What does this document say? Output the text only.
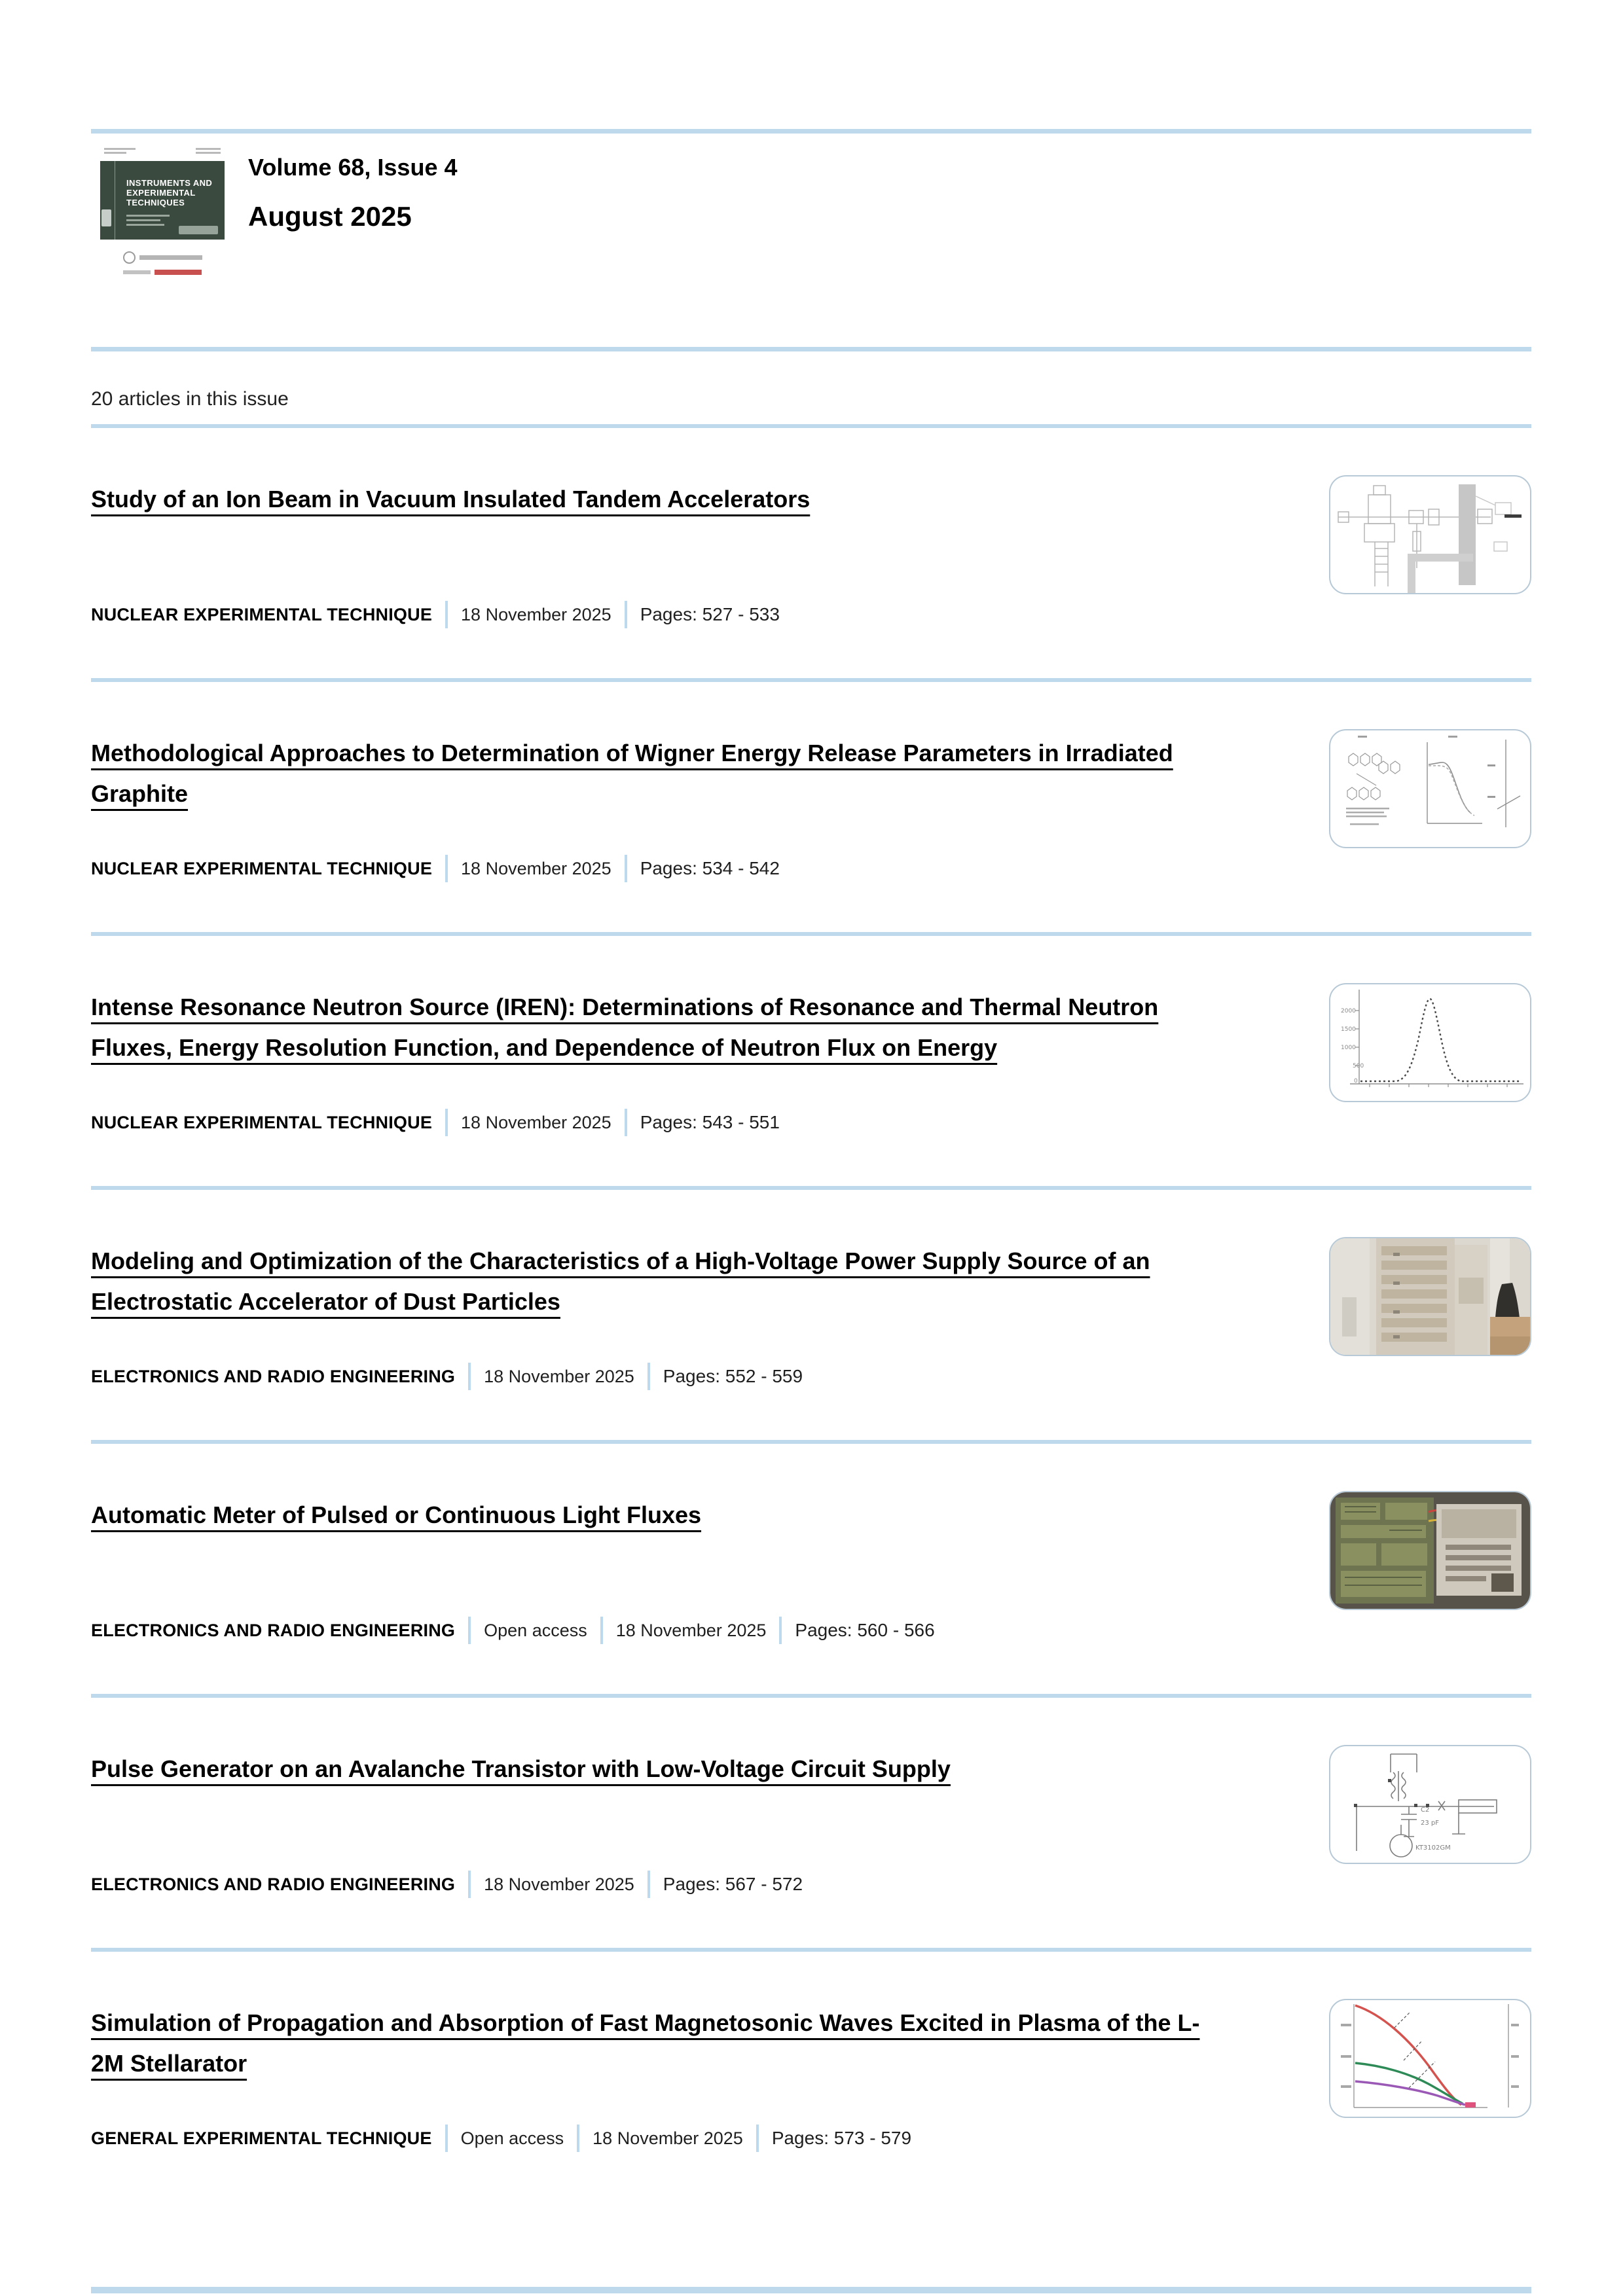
INSTRUMENTS AND EXPERIMENTAL TECHNIQUES
Volume 68, Issue 4
August 2025
20 articles in this issue
Study of an Ion Beam in Vacuum Insulated Tandem Accelerators
NUCLEAR EXPERIMENTAL TECHNIQUE 18 November 2025 Pages: 527 - 533
Methodological Approaches to Determination of Wigner Energy Release Parameters in Irradiated Graphite
NUCLEAR EXPERIMENTAL TECHNIQUE 18 November 2025 Pages: 534 - 542
Intense Resonance Neutron Source (IREN): Determinations of Resonance and Thermal Neutron Fluxes, Energy Resolution Function, and Dependence of Neutron Flux on Energy
NUCLEAR EXPERIMENTAL TECHNIQUE 18 November 2025 Pages: 543 - 551
2000
1500
1000
500
0
Modeling and Optimization of the Characteristics of a High-Voltage Power Supply Source of an Electrostatic Accelerator of Dust Particles
ELECTRONICS AND RADIO ENGINEERING 18 November 2025 Pages: 552 - 559
Automatic Meter of Pulsed or Continuous Light Fluxes
ELECTRONICS AND RADIO ENGINEERING Open access 18 November 2025 Pages: 560 - 566
Pulse Generator on an Avalanche Transistor with Low-Voltage Circuit Supply
ELECTRONICS AND RADIO ENGINEERING 18 November 2025 Pages: 567 - 572
C2
23 pF
KT3102GM
Simulation of Propagation and Absorption of Fast Magnetosonic Waves Excited in Plasma of the L-2M Stellarator
GENERAL EXPERIMENTAL TECHNIQUE Open access 18 November 2025 Pages: 573 - 579
